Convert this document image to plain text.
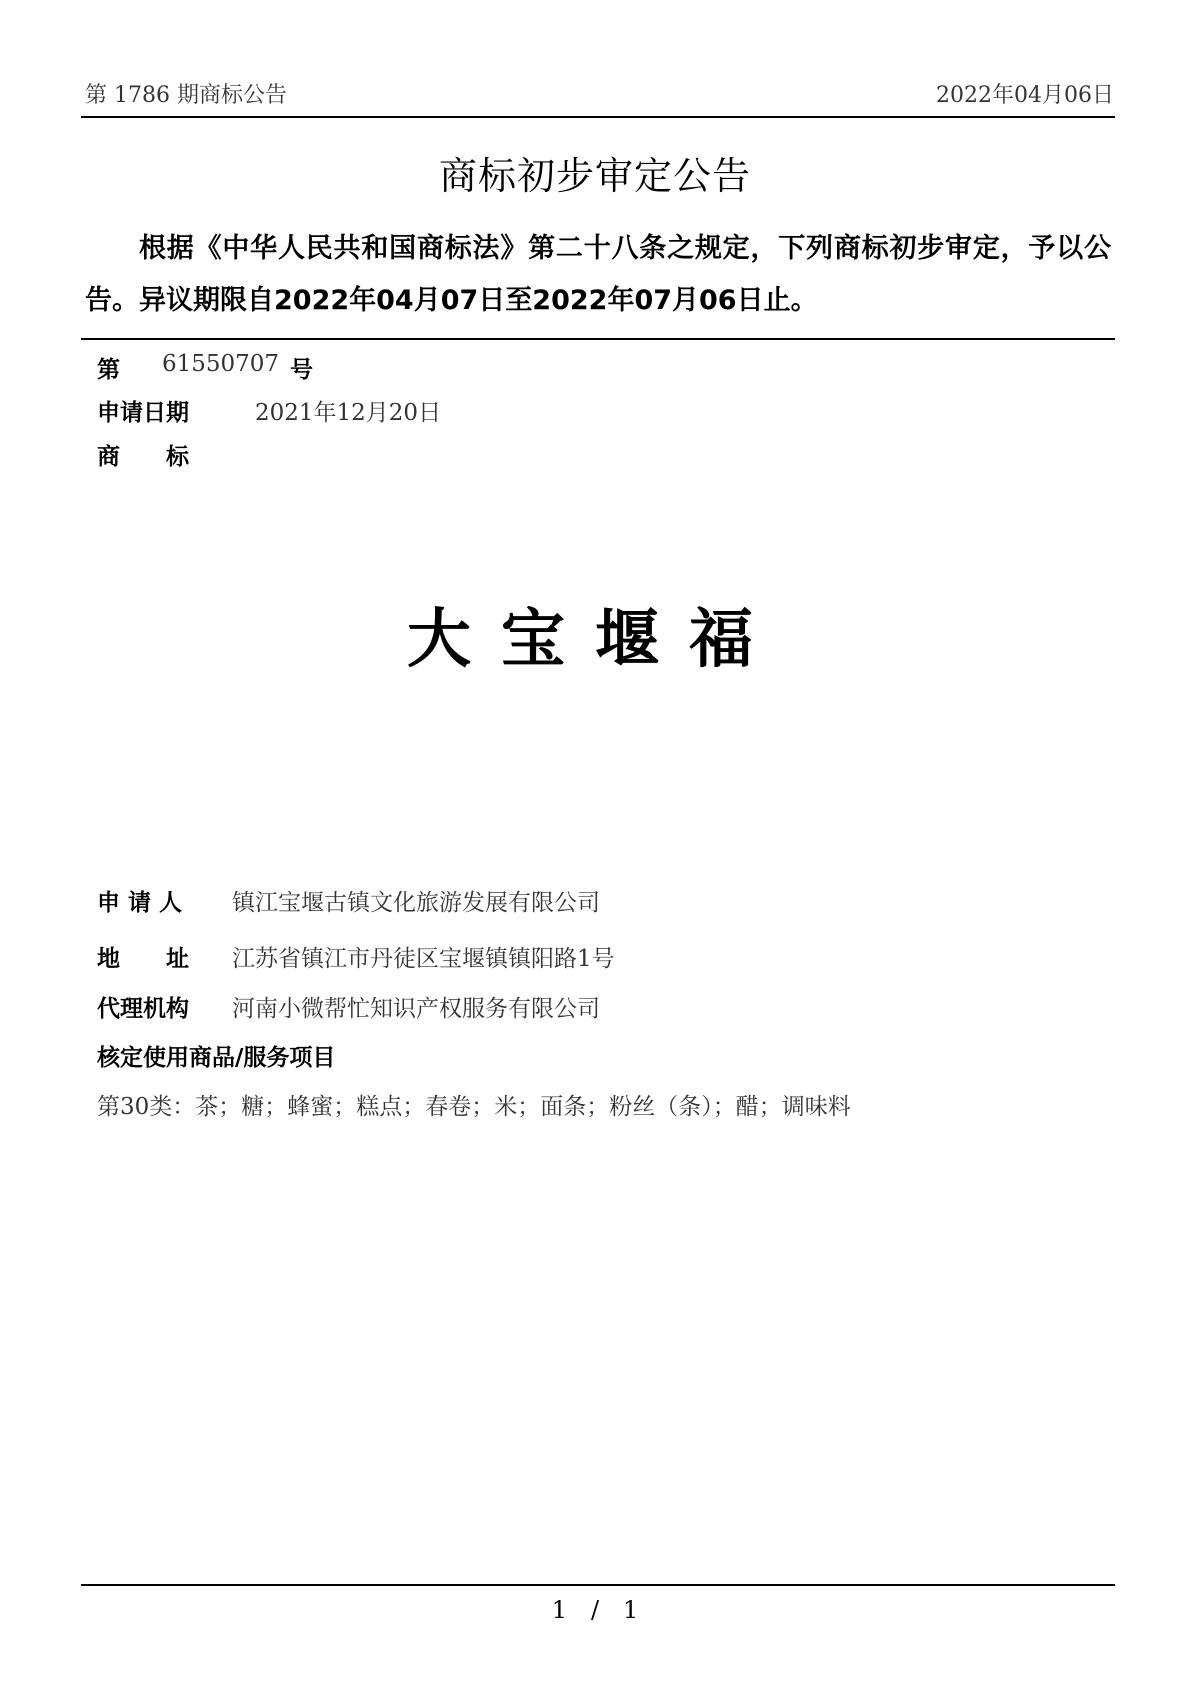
第 1786 期商标公告	2022年04月06日
商标初步审定公告
根据《中华人民共和国商标法》第二十八条之规定，下列商标初步审定，予以公告。异议期限自2022年04月07日至2022年07月06日止。
第 61550707 号
申请日期	2021年12月20日
商　　标
大宝堰福
申 请 人 镇江宝堰古镇文化旅游发展有限公司
地　　址 江苏省镇江市丹徒区宝堰镇镇阳路1号
代理机构 河南小微帮忙知识产权服务有限公司
核定使用商品/服务项目
第30类：茶；糖；蜂蜜；糕点；春卷；米；面条；粉丝（条）；醋；调味料
1　/　1
